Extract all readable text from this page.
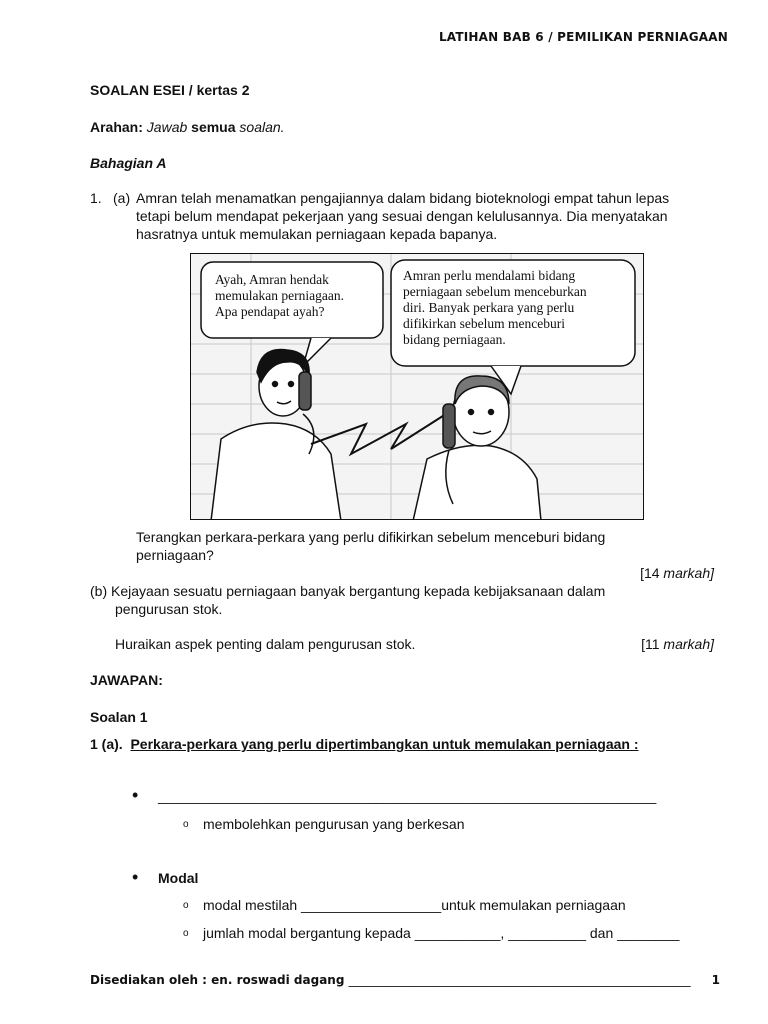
LATIHAN BAB 6 / PEMILIKAN PERNIAGAAN
SOALAN ESEI / kertas 2
Arahan: Jawab semua soalan.
Bahagian A
1. (a) Amran telah menamatkan pengajiannya dalam bidang bioteknologi empat tahun lepas
tetapi belum mendapat pekerjaan yang sesuai dengan kelulusannya. Dia menyatakan
hasratnya untuk memulakan perniagaan kepada bapanya.
Ayah, Amran hendak
memulakan perniagaan.
Apa pendapat ayah?
Amran perlu mendalami bidang
perniagaan sebelum menceburkan
diri. Banyak perkara yang perlu
difikirkan sebelum menceburi
bidang perniagaan.
Terangkan perkara-perkara yang perlu difikirkan sebelum menceburi bidang
perniagaan?
[14 markah]
(b) Kejayaan sesuatu perniagaan banyak bergantung kepada kebijaksanaan dalam
pengurusan stok.
Huraikan aspek penting dalam pengurusan stok.	[11 markah]
JAWAPAN:
Soalan 1
1 (a). Perkara-perkara yang perlu dipertimbangkan untuk memulakan perniagaan :
• ________________________________________________________________
o membolehkan pengurusan yang berkesan
• Modal
o modal mestilah __________________untuk memulakan perniagaan
o jumlah modal bergantung kepada ___________, __________ dan ________
Disediakan oleh : en. roswadi dagang _________________________________________________________ 1
